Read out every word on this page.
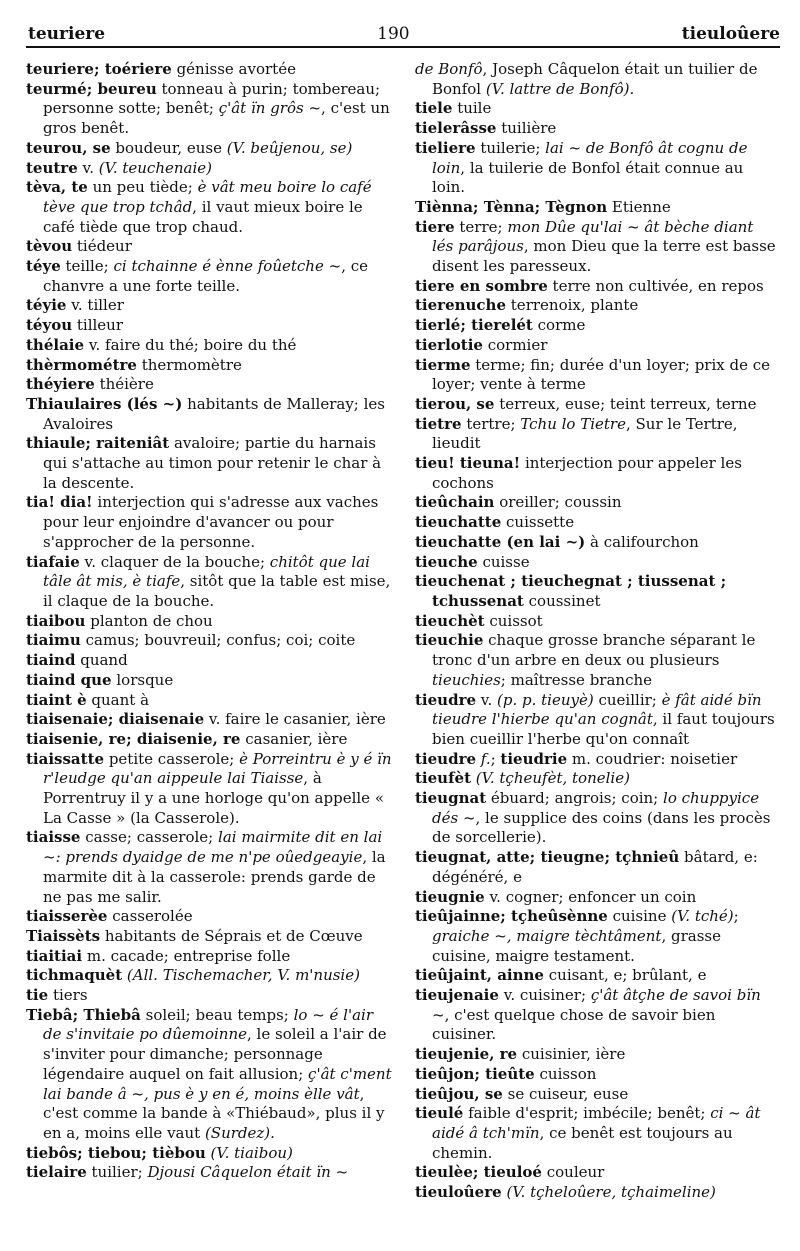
teuriere	190	tieuloûere

teuriere; toériere génisse avortée

teurmé; beureu tonneau à purin; tombereau; personne sotte; benêt; ç'ât ïn grôs ~, c'est un gros benêt.

teurou, se boudeur, euse (V. beûjenou, se)

teutre v. (V. teuchenaie)

tèva, te un peu tiède; è vât meu boire lo café tève que trop tchâd, il vaut mieux boire le café tiède que trop chaud.

tèvou tiédeur

téye teille; ci tchainne é ènne foûetche ~, ce chanvre a une forte teille.

téyie v. tiller

téyou tilleur

thélaie v. faire du thé; boire du thé

thèrmométre thermomètre

théyiere théière

Thiaulaires (lés ~) habitants de Malleray; les Avaloires

thiaule; raiteniât avaloire; partie du harnais qui s'attache au timon pour retenir le char à la descente.

tia! dia! interjection qui s'adresse aux vaches pour leur enjoindre d'avancer ou pour s'approcher de la personne.

tiafaie v. claquer de la bouche; chitôt que lai tâle ât mis, è tiafe, sitôt que la table est mise, il claque de la bouche.

tiaibou planton de chou

tiaimu camus; bouvreuil; confus; coi; coite

tiaind quand

tiaind que lorsque

tiaint è quant à

tiaisenaie; diaisenaie v. faire le casanier, ière

tiaisenie, re; diaisenie, re casanier, ière

tiaissatte petite casserole; è Porreintru è y é ïn r'leudge qu'an aippeule lai Tiaisse, à Porrentruy il y a une horloge qu'on appelle « La Casse » (la Casserole).

tiaisse casse; casserole; lai mairmite dit en lai ~: prends dyaidge de me n'pe oûedgeayie, la marmite dit à la casserole: prends garde de ne pas me salir.

tiaisserèe casserolée

Tiaissèts habitants de Séprais et de Cœuve

tiaitiai m. cacade; entreprise folle

tichmaquèt (All. Tischemacher, V. m'nusie)

tie tiers

Tiebâ; Thiebâ soleil; beau temps; lo ~ é l'air de s'invitaie po dûemoinne, le soleil a l'air de s'inviter pour dimanche; personnage légendaire auquel on fait allusion; ç'ât c'ment lai bande â ~, pus è y en é, moins èlle vât, c'est comme la bande à «Thiébaud», plus il y en a, moins elle vaut (Surdez).

tiebôs; tiebou; tièbou (V. tiaibou)

tielaire tuilier; Djousi Câquelon était ïn ~

de Bonfô, Joseph Câquelon était un tuilier de Bonfol (V. lattre de Bonfô).

tiele tuile

tielerâsse tuilière

tieliere tuilerie; lai ~ de Bonfô ât cognu de loin, la tuilerie de Bonfol était connue au loin.

Tiènna; Tènna; Tègnon Etienne

tiere terre; mon Dûe qu'lai ~ ât bèche diant lés parâjous, mon Dieu que la terre est basse disent les paresseux.

tiere en sombre terre non cultivée, en repos

tierenuche terrenoix, plante

tierlé; tierelét corme

tierlotie cormier

tierme terme; fin; durée d'un loyer; prix de ce loyer; vente à terme

tierou, se terreux, euse; teint terreux, terne

tietre tertre; Tchu lo Tietre, Sur le Tertre, lieudit

tieu! tieuna! interjection pour appeler les cochons

tieûchain oreiller; coussin

tieuchatte cuissette

tieuchatte (en lai ~) à califourchon

tieuche cuisse

tieuchenat ; tieuchegnat ; tiussenat ; tchussenat coussinet

tieuchèt cuissot

tieuchie chaque grosse branche séparant le tronc d'un arbre en deux ou plusieurs tieuchies; maîtresse branche

tieudre v. (p. p. tieuyè) cueillir; è fât aidé bïn tieudre l'hierbe qu'an cognât, il faut toujours bien cueillir l'herbe qu'on connaît

tieudre f.; tieudrie m. coudrier: noisetier

tieufèt (V. tçheufèt, tonelie)

tieugnat ébuard; angrois; coin; lo chuppyice dés ~, le supplice des coins (dans les procès de sorcellerie).

tieugnat, atte; tieugne; tçhnieû bâtard, e: dégénéré, e

tieugnie v. cogner; enfoncer un coin

tieûjainne; tçheûsènne cuisine (V. tché); graiche ~, maigre tèchtâment, grasse cuisine, maigre testament.

tieûjaint, ainne cuisant, e; brûlant, e

tieujenaie v. cuisiner; ç'ât âtçhe de savoi bïn ~, c'est quelque chose de savoir bien cuisiner.

tieujenie, re cuisinier, ière

tieûjon; tieûte cuisson

tieûjou, se se cuiseur, euse

tieulé faible d'esprit; imbécile; benêt; ci ~ ât aidé â tch'mïn, ce benêt est toujours au chemin.

tieulèe; tieuloé couleur

tieuloûere (V. tçheloûere, tçhaimeline)
